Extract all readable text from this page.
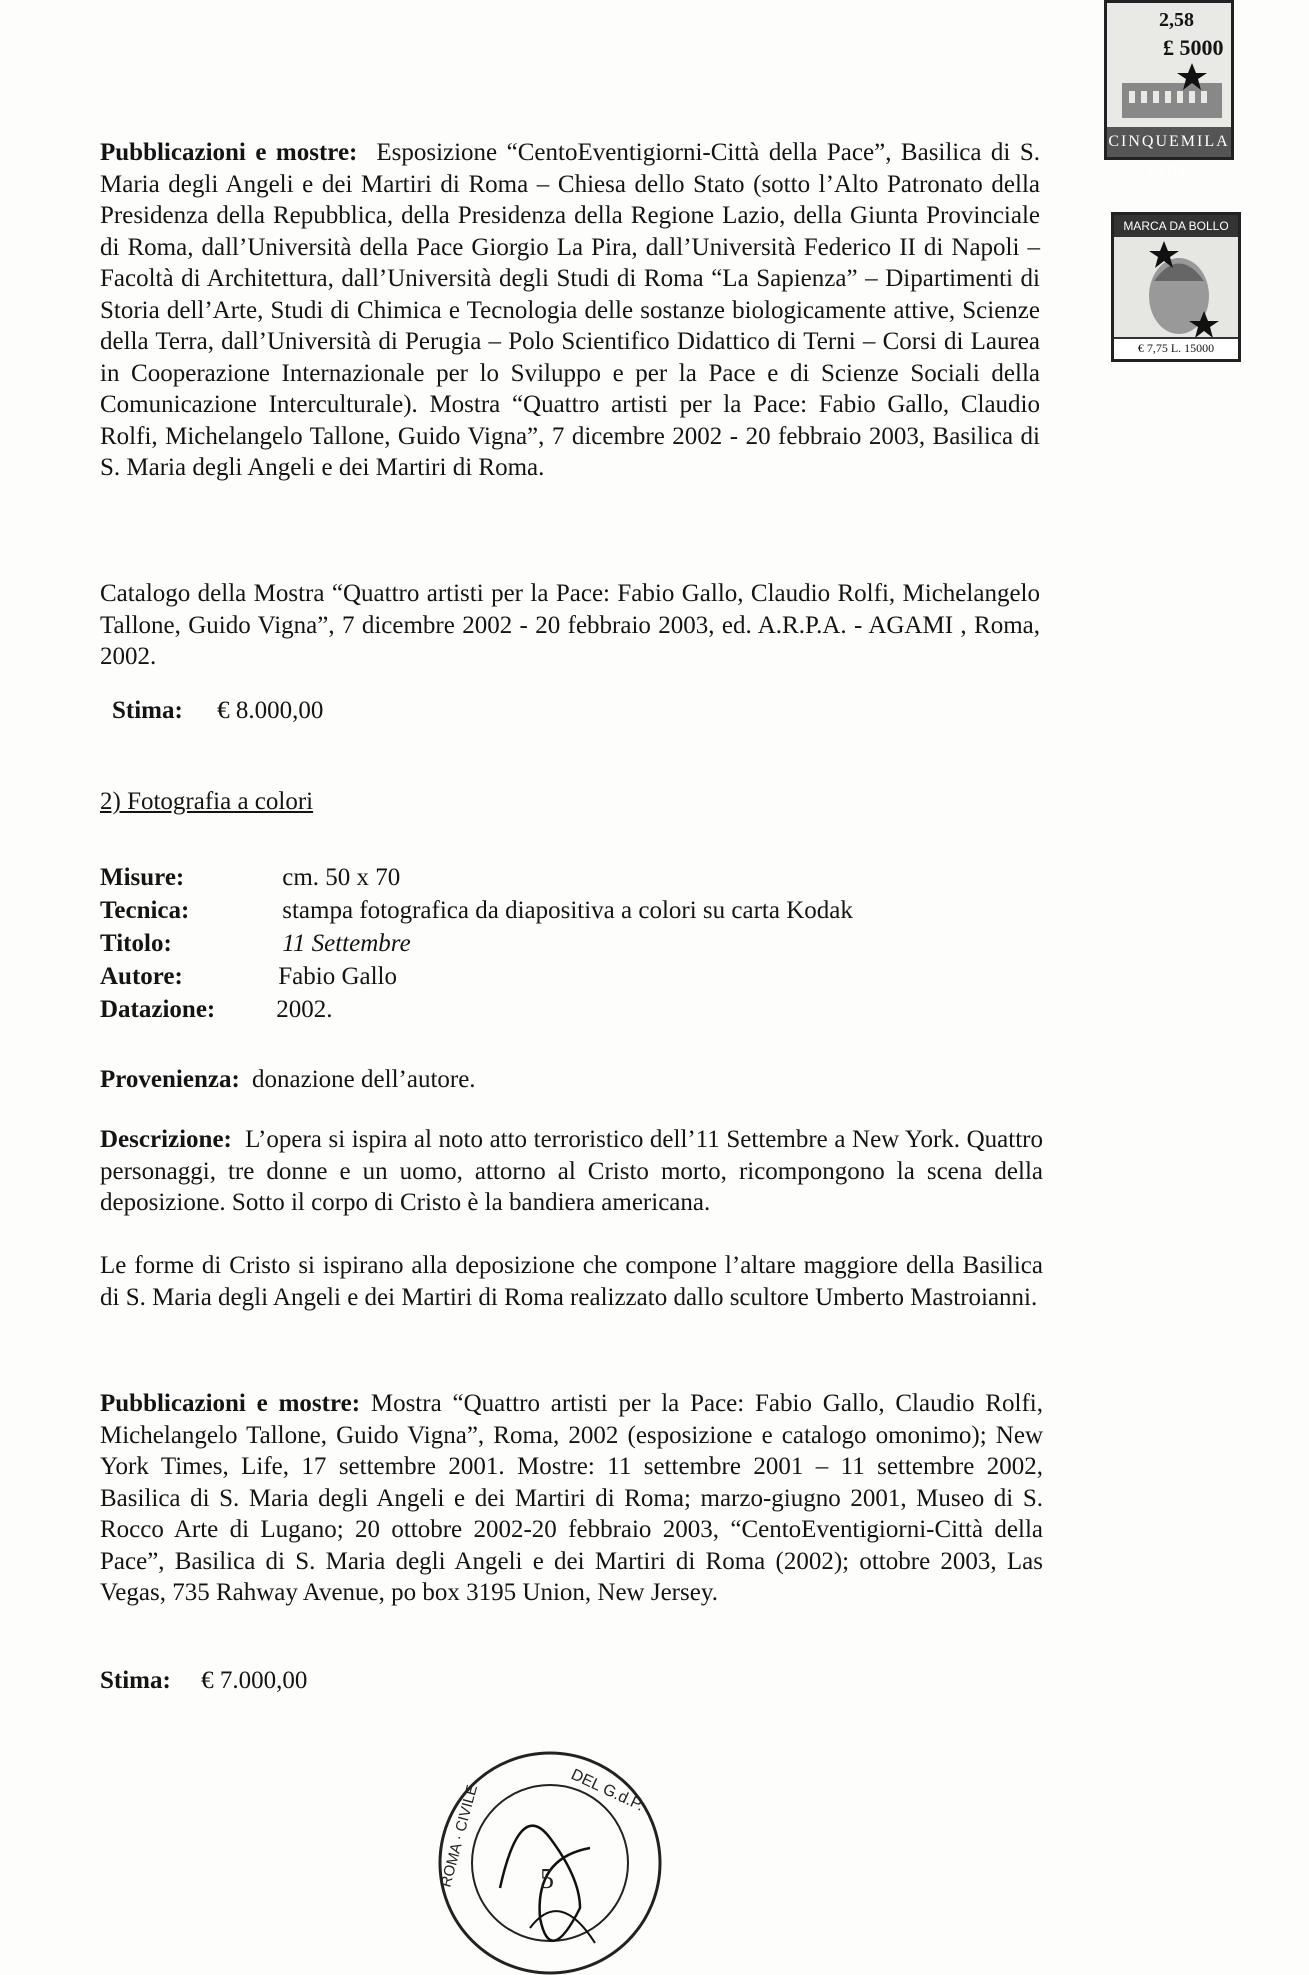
2,58
£ 5000
CINQUEMILA LIRE
MARCA DA BOLLO
€ 7,75 L. 15000
Pubblicazioni e mostre: Esposizione “CentoEventigiorni-Città della Pace”, Basilica di S. Maria degli Angeli e dei Martiri di Roma – Chiesa dello Stato (sotto l’Alto Patronato della Presidenza della Repubblica, della Presidenza della Regione Lazio, della Giunta Provinciale di Roma, dall’Università della Pace Giorgio La Pira, dall’Università Federico II di Napoli – Facoltà di Architettura, dall’Università degli Studi di Roma “La Sapienza” – Dipartimenti di Storia dell’Arte, Studi di Chimica e Tecnologia delle sostanze biologicamente attive, Scienze della Terra, dall’Università di Perugia – Polo Scientifico Didattico di Terni – Corsi di Laurea in Cooperazione Internazionale per lo Sviluppo e per la Pace e di Scienze Sociali della Comunicazione Interculturale). Mostra “Quattro artisti per la Pace: Fabio Gallo, Claudio Rolfi, Michelangelo Tallone, Guido Vigna”, 7 dicembre 2002 - 20 febbraio 2003, Basilica di S. Maria degli Angeli e dei Martiri di Roma.
Catalogo della Mostra “Quattro artisti per la Pace: Fabio Gallo, Claudio Rolfi, Michelangelo Tallone, Guido Vigna”, 7 dicembre 2002 - 20 febbraio 2003, ed. A.R.P.A. - AGAMI , Roma, 2002.
Stima: € 8.000,00
2) Fotografia a colori
Misure:	cm. 50 x 70
Tecnica:	stampa fotografica da diapositiva a colori su carta Kodak
Titolo:	11 Settembre
Autore:	Fabio Gallo
Datazione: 2002.
Provenienza: donazione dell’autore.
Descrizione: L’opera si ispira al noto atto terroristico dell’11 Settembre a New York. Quattro personaggi, tre donne e un uomo, attorno al Cristo morto, ricompongono la scena della deposizione. Sotto il corpo di Cristo è la bandiera americana.
Le forme di Cristo si ispirano alla deposizione che compone l’altare maggiore della Basilica di S. Maria degli Angeli e dei Martiri di Roma realizzato dallo scultore Umberto Mastroianni.
Pubblicazioni e mostre: Mostra “Quattro artisti per la Pace: Fabio Gallo, Claudio Rolfi, Michelangelo Tallone, Guido Vigna”, Roma, 2002 (esposizione e catalogo omonimo); New York Times, Life, 17 settembre 2001. Mostre: 11 settembre 2001 – 11 settembre 2002, Basilica di S. Maria degli Angeli e dei Martiri di Roma; marzo-giugno 2001, Museo di S. Rocco Arte di Lugano; 20 ottobre 2002-20 febbraio 2003, “CentoEventigiorni-Città della Pace”, Basilica di S. Maria degli Angeli e dei Martiri di Roma (2002); ottobre 2003, Las Vegas, 735 Rahway Avenue, po box 3195 Union, New Jersey.
Stima: € 7.000,00
DEL G.d.P.
ROMA · CIVILE 5
